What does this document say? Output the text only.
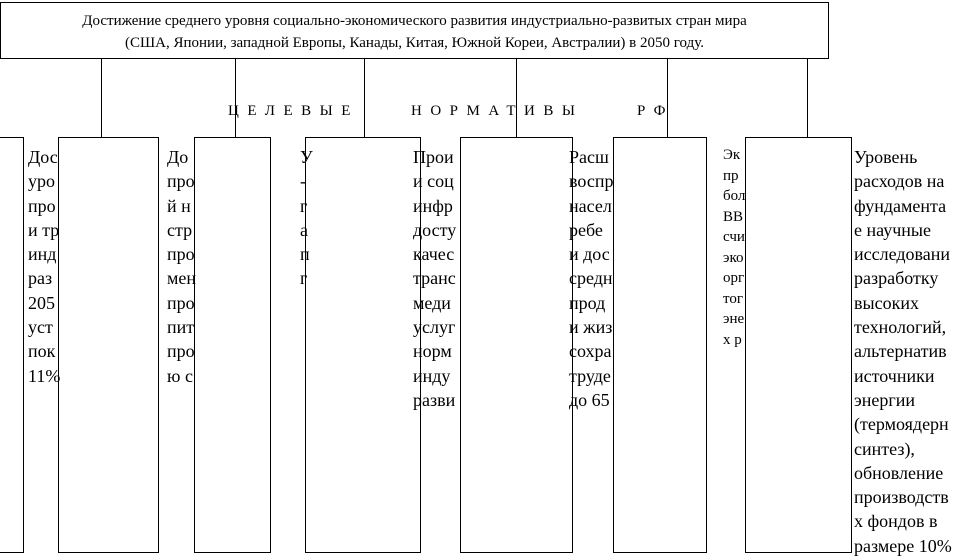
Достижение среднего уровня социально-экономического развития индустриально-развитых стран мира
(США, Японии, западной Европы, Канады, Китая, Южной Кореи, Австралии) в 2050 году.
ЦЕЛЕВЫЕ	НОРМАТИВЫ	РФ
Дос
уро
про
и тр
инд
раз
205
уст
пок
11%
До
про
й н
стр
про
мен
про
пит
про
ю с
У
-
г
а
п
г
Прои
и соц
инфр
досту
качес
транс
меди
услуг
норм
инду
разви
Расш
воспр
насел
ребе
и дос
средн
прод
и жиз
сохра
труде
до 65
Эк
пр
бол
ВВ
счи
эко
орг
тог
эне
х р
Уровень
расходов на
фундамента
е научные
исследовани
разработку
высоких
технологий,
альтернатив
источники
энергии
(термоядерн
синтез),
обновление
производств
х фондов в
размере 10%
